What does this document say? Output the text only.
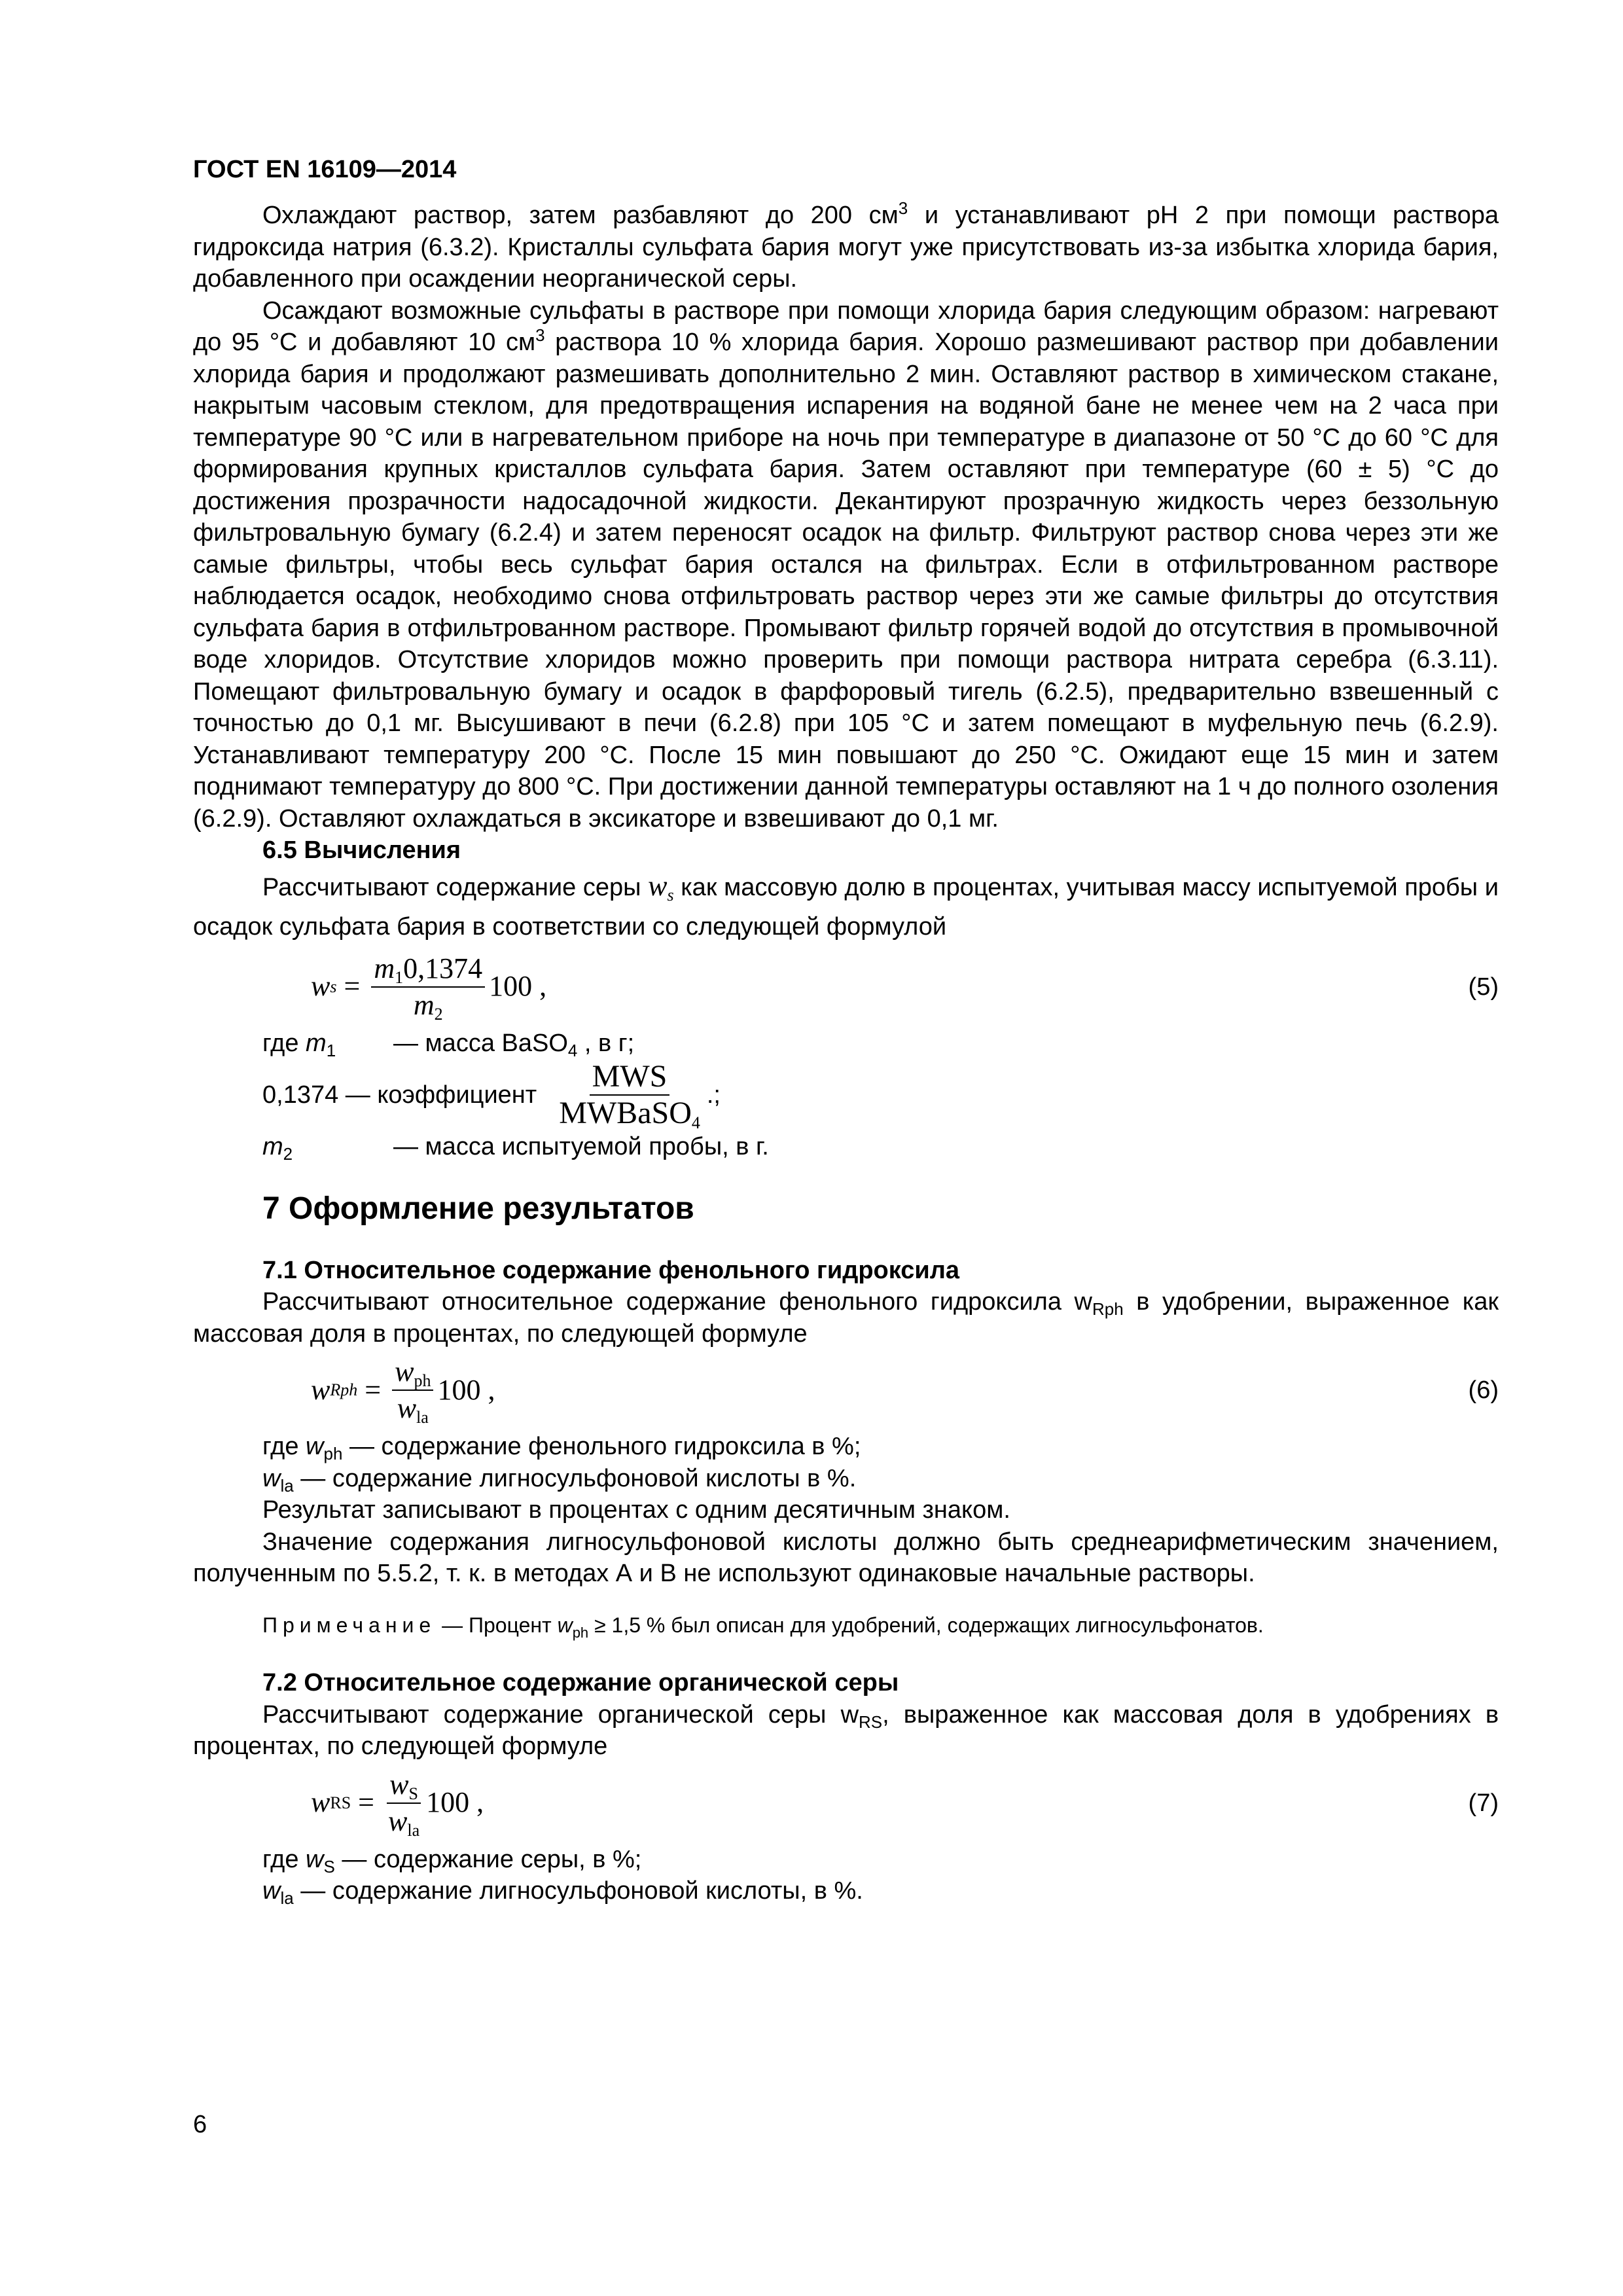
ГОСТ EN 16109—2014

Охлаждают раствор, затем разбавляют до 200 $см^3$ и устанавливают pH 2 при помощи раствора гидроксида натрия (6.3.2). Кристаллы сульфата бария могут уже присутствовать из-за избытка хлорида бария, добавленного при осаждении неорганической серы.

Осаждают возможные сульфаты в растворе при помощи хлорида бария следующим образом: нагревают до 95 °C и добавляют 10 $см^3$ раствора 10 % хлорида бария. Хорошо размешивают раствор при добавлении хлорида бария и продолжают размешивать дополнительно 2 мин. Оставляют раствор в химическом стакане, накрытым часовым стеклом, для предотвращения испарения на водяной бане не менее чем на 2 часа при температуре 90 °C или в нагревательном приборе на ночь при температуре в диапазоне от 50 °C до 60 °C для формирования крупных кристаллов сульфата бария. Затем оставляют при температуре (60 ± 5) °C до достижения прозрачности надосадочной жидкости. Декантируют прозрачную жидкость через беззольную фильтровальную бумагу (6.2.4) и затем переносят осадок на фильтр. Фильтруют раствор снова через эти же самые фильтры, чтобы весь сульфат бария остался на фильтрах. Если в отфильтрованном растворе наблюдается осадок, необходимо снова отфильтровать раствор через эти же самые фильтры до отсутствия сульфата бария в отфильтрованном растворе. Промывают фильтр горячей водой до отсутствия в промывочной воде хлоридов. Отсутствие хлоридов можно проверить при помощи раствора нитрата серебра (6.3.11). Помещают фильтровальную бумагу и осадок в фарфоровый тигель (6.2.5), предварительно взвешенный с точностью до 0,1 мг. Высушивают в печи (6.2.8) при 105 °C и затем помещают в муфельную печь (6.2.9). Устанавливают температуру 200 °C. После 15 мин повышают до 250 °C. Ожидают еще 15 мин и затем поднимают температуру до 800 °C. При достижении данной температуры оставляют на 1 ч до полного озоления (6.2.9). Оставляют охлаждаться в эксикаторе и взвешивают до 0,1 мг.

6.5 Вычисления

Рассчитывают содержание серы $w_s$ как массовую долю в процентах, учитывая массу испытуемой пробы и осадок сульфата бария в соответствии со следующей формулой

w $s = \frac{m_10,1374}{m_2} 100$ ,	(5)
где $m_1$	— масса BaSO$_4$ , в г;
0,1374 — коэффициент $\frac{\text{MWS}}{MWBaSO_4}$ .;
$m_2$	— масса испытуемой пробы, в г.
7 Оформление результатов
7.1 Относительное содержание фенольного гидроксила

Рассчитывают относительное содержание фенольного гидроксила $w_{Rph}$ в удобрении, выраженное как массовая доля в процентах, по следующей формуле

w Rph = $\frac{w_{ph}}{w_{la}} 100$ ,	(6)

где $w_{ph}$ — содержание фенольного гидроксила в %;

$w_{la}$ — содержание лигносульфоновой кислоты в %.

Результат записывают в процентах с одним десятичным знаком.

Значение содержания лигносульфоновой кислоты должно быть среднеарифметическим значением, полученным по 5.5.2, т. к. в методах А и В не используют одинаковые начальные растворы.

Примечание — Процент $w_{ph} \ge 1,5$ % был описан для удобрений, содержащих лигносульфонатов.
7.2 Относительное содержание органической серы

Рассчитывают содержание органической серы $w_{RS}$, выраженное как массовая доля в удобрениях в процентах, по следующей формуле

w RS = $\frac{w_S}{w_{la}} 100$ ,	(7)

где $w_S$ — содержание серы, в %;

$w_{la}$ — содержание лигносульфоновой кислоты, в %.

6
